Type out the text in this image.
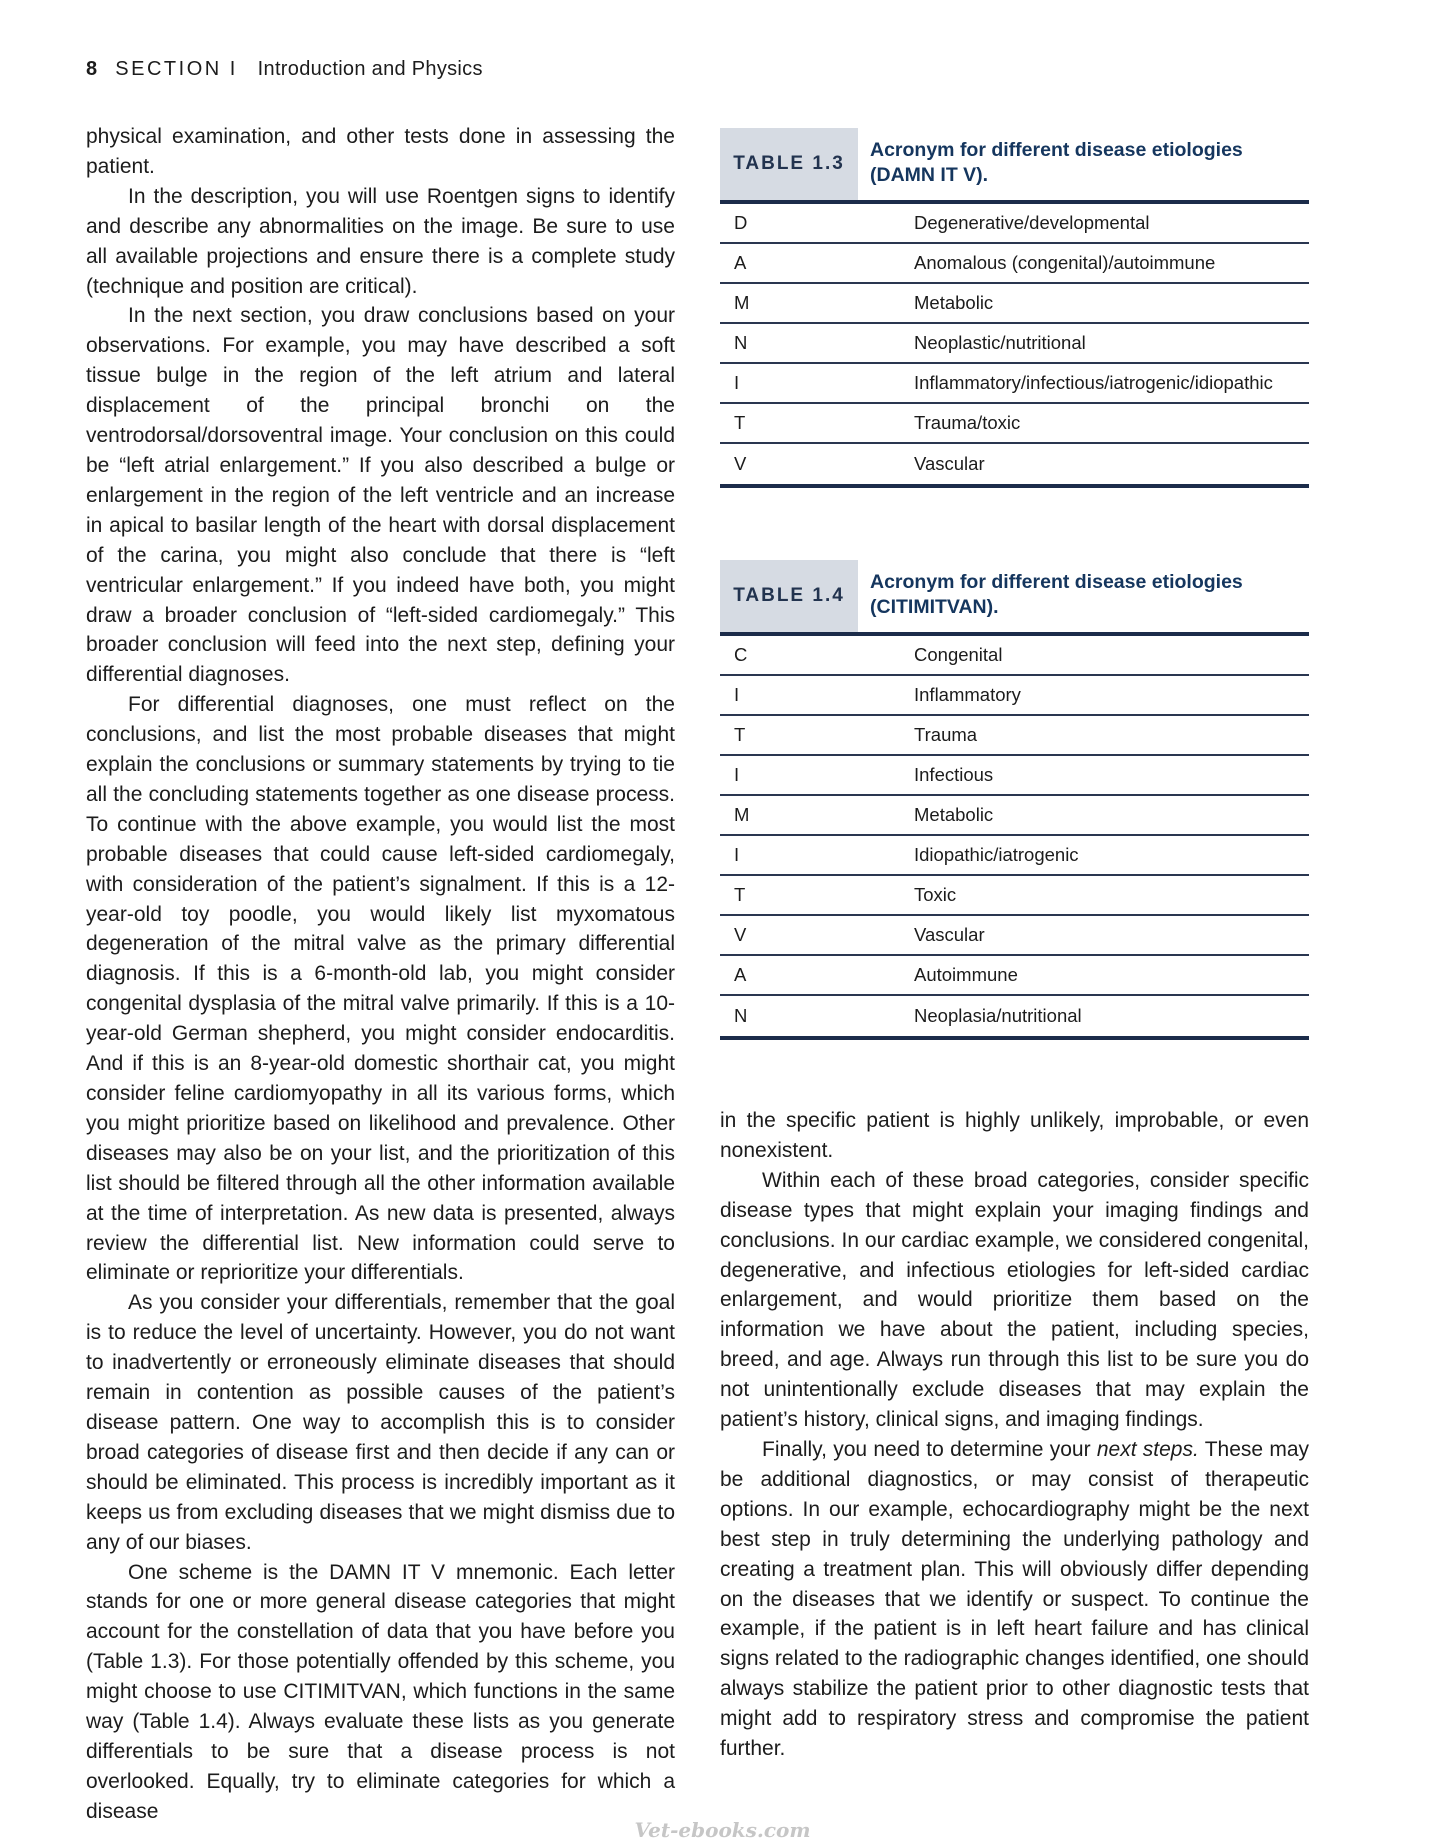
8 SECTION I Introduction and Physics

physical examination, and other tests done in assessing the patient.

In the description, you will use Roentgen signs to identify and describe any abnormalities on the image. Be sure to use all available projections and ensure there is a complete study (technique and position are critical).

In the next section, you draw conclusions based on your observations. For example, you may have described a soft tissue bulge in the region of the left atrium and lateral displacement of the principal bronchi on the ventrodorsal/dorsoventral image. Your conclusion on this could be “left atrial enlargement.” If you also described a bulge or enlargement in the region of the left ventricle and an increase in apical to basilar length of the heart with dorsal displacement of the carina, you might also conclude that there is “left ventricular enlargement.” If you indeed have both, you might draw a broader conclusion of “left-sided cardiomegaly.” This broader conclusion will feed into the next step, defining your differential diagnoses.

For differential diagnoses, one must reflect on the conclusions, and list the most probable diseases that might explain the conclusions or summary statements by trying to tie all the concluding statements together as one disease process. To continue with the above example, you would list the most probable diseases that could cause left-sided cardiomegaly, with consideration of the patient’s signalment. If this is a 12-year-old toy poodle, you would likely list myxomatous degeneration of the mitral valve as the primary differential diagnosis. If this is a 6-month-old lab, you might consider congenital dysplasia of the mitral valve primarily. If this is a 10-year-old German shepherd, you might consider endocarditis. And if this is an 8-year-old domestic shorthair cat, you might consider feline cardiomyopathy in all its various forms, which you might prioritize based on likelihood and prevalence. Other diseases may also be on your list, and the prioritization of this list should be filtered through all the other information available at the time of interpretation. As new data is presented, always review the differential list. New information could serve to eliminate or reprioritize your differentials.

As you consider your differentials, remember that the goal is to reduce the level of uncertainty. However, you do not want to inadvertently or erroneously eliminate diseases that should remain in contention as possible causes of the patient’s disease pattern. One way to accomplish this is to consider broad categories of disease first and then decide if any can or should be eliminated. This process is incredibly important as it keeps us from excluding diseases that we might dismiss due to any of our biases.

One scheme is the DAMN IT V mnemonic. Each letter stands for one or more general disease categories that might account for the constellation of data that you have before you (Table 1.3). For those potentially offended by this scheme, you might choose to use CITIMITVAN, which functions in the same way (Table 1.4). Always evaluate these lists as you generate differentials to be sure that a disease process is not overlooked. Equally, try to eliminate categories for which a disease

TABLE 1.3
Acronym for different disease etiologies (DAMN IT V).
D	Degenerative/developmental
A	Anomalous (congenital)/autoimmune
M	Metabolic
N	Neoplastic/nutritional
I	Inflammatory/infectious/iatrogenic/idiopathic
T	Trauma/toxic
V	Vascular
TABLE 1.4
Acronym for different disease etiologies (CITIMITVAN).
C	Congenital
I	Inflammatory
T	Trauma
I	Infectious
M	Metabolic
I	Idiopathic/iatrogenic
T	Toxic
V	Vascular
A	Autoimmune
N	Neoplasia/nutritional

in the specific patient is highly unlikely, improbable, or even nonexistent.

Within each of these broad categories, consider specific disease types that might explain your imaging findings and conclusions. In our cardiac example, we considered congenital, degenerative, and infectious etiologies for left-sided cardiac enlargement, and would prioritize them based on the information we have about the patient, including species, breed, and age. Always run through this list to be sure you do not unintentionally exclude diseases that may explain the patient’s history, clinical signs, and imaging findings.

Finally, you need to determine your next steps. These may be additional diagnostics, or may consist of therapeutic options. In our example, echocardiography might be the next best step in truly determining the underlying pathology and creating a treatment plan. This will obviously differ depending on the diseases that we identify or suspect. To continue the example, if the patient is in left heart failure and has clinical signs related to the radiographic changes identified, one should always stabilize the patient prior to other diagnostic tests that might add to respiratory stress and compromise the patient further.

Vet-ebooks.com
